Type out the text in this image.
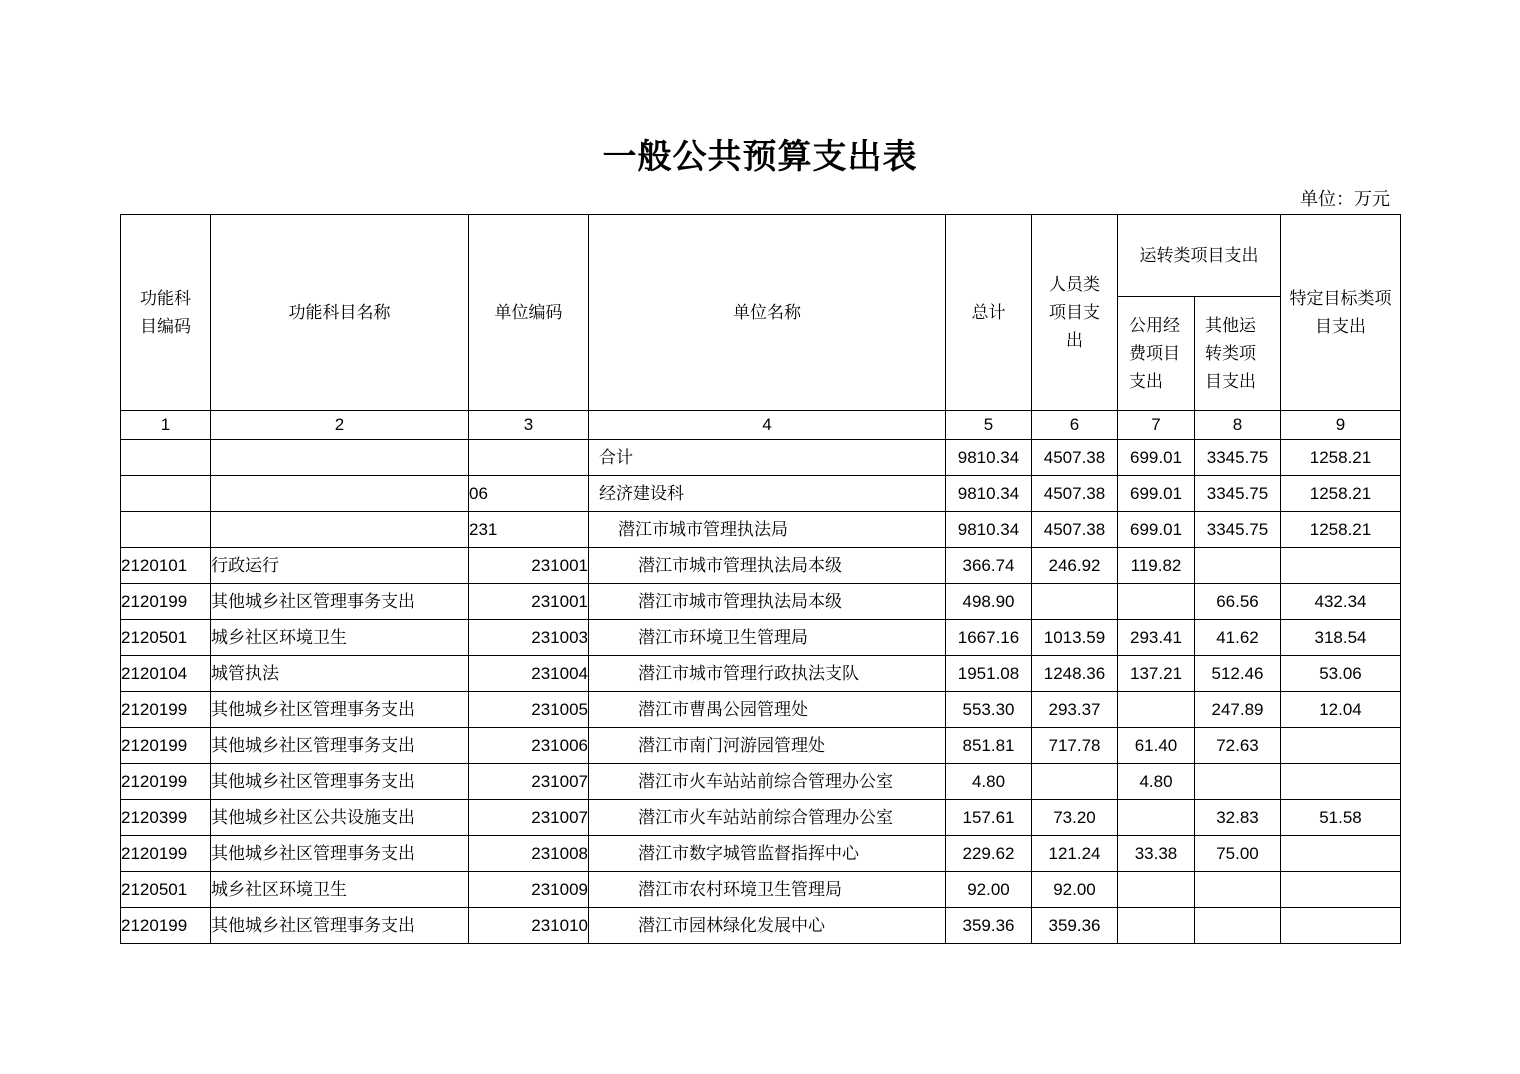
一般公共预算支出表
单位：万元
功能科目编码	功能科目名称	单位编码	单位名称	总计	人员类项目支出	运转类项目支出		特定目标类项目支出
						公用经费项目支出	其他运转类项目支出	
1	2	3	4	5	6	7	8	9
			合计	9810.34	4507.38	699.01	3345.75	1258.21
		06	经济建设科	9810.34	4507.38	699.01	3345.75	1258.21
		231	潜江市城市管理执法局	9810.34	4507.38	699.01	3345.75	1258.21
2120101	行政运行	231001	潜江市城市管理执法局本级	366.74	246.92	119.82		
2120199	其他城乡社区管理事务支出	231001	潜江市城市管理执法局本级	498.90			66.56	432.34
2120501	城乡社区环境卫生	231003	潜江市环境卫生管理局	1667.16	1013.59	293.41	41.62	318.54
2120104	城管执法	231004	潜江市城市管理行政执法支队	1951.08	1248.36	137.21	512.46	53.06
2120199	其他城乡社区管理事务支出	231005	潜江市曹禺公园管理处	553.30	293.37		247.89	12.04
2120199	其他城乡社区管理事务支出	231006	潜江市南门河游园管理处	851.81	717.78	61.40	72.63	
2120199	其他城乡社区管理事务支出	231007	潜江市火车站站前综合管理办公室	4.80		4.80		
2120399	其他城乡社区公共设施支出	231007	潜江市火车站站前综合管理办公室	157.61	73.20		32.83	51.58
2120199	其他城乡社区管理事务支出	231008	潜江市数字城管监督指挥中心	229.62	121.24	33.38	75.00	
2120501	城乡社区环境卫生	231009	潜江市农村环境卫生管理局	92.00	92.00			
2120199	其他城乡社区管理事务支出	231010	潜江市园林绿化发展中心	359.36	359.36			
